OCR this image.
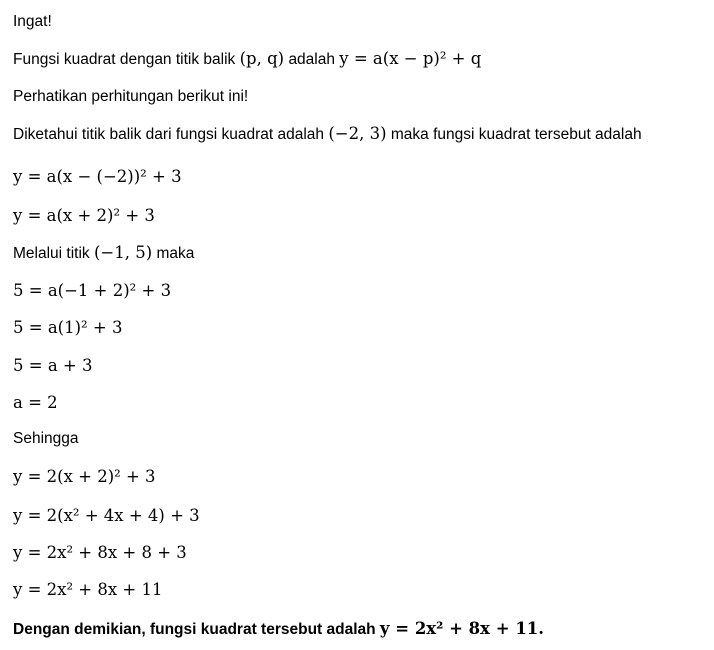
Ingat!
Fungsi kuadrat dengan titik balik (p, q) adalah y = a(x − p)² + q
Perhatikan perhitungan berikut ini!
Diketahui titik balik dari fungsi kuadrat adalah (−2, 3) maka fungsi kuadrat tersebut adalah
y = a(x − (−2))² + 3
y = a(x + 2)² + 3
Melalui titik (−1, 5) maka
5 = a(−1 + 2)² + 3
5 = a(1)² + 3
5 = a + 3
a = 2
Sehingga
y = 2(x + 2)² + 3
y = 2(x² + 4x + 4) + 3
y = 2x² + 8x + 8 + 3
y = 2x² + 8x + 11
Dengan demikian, fungsi kuadrat tersebut adalah y = 2x² + 8x + 11.
